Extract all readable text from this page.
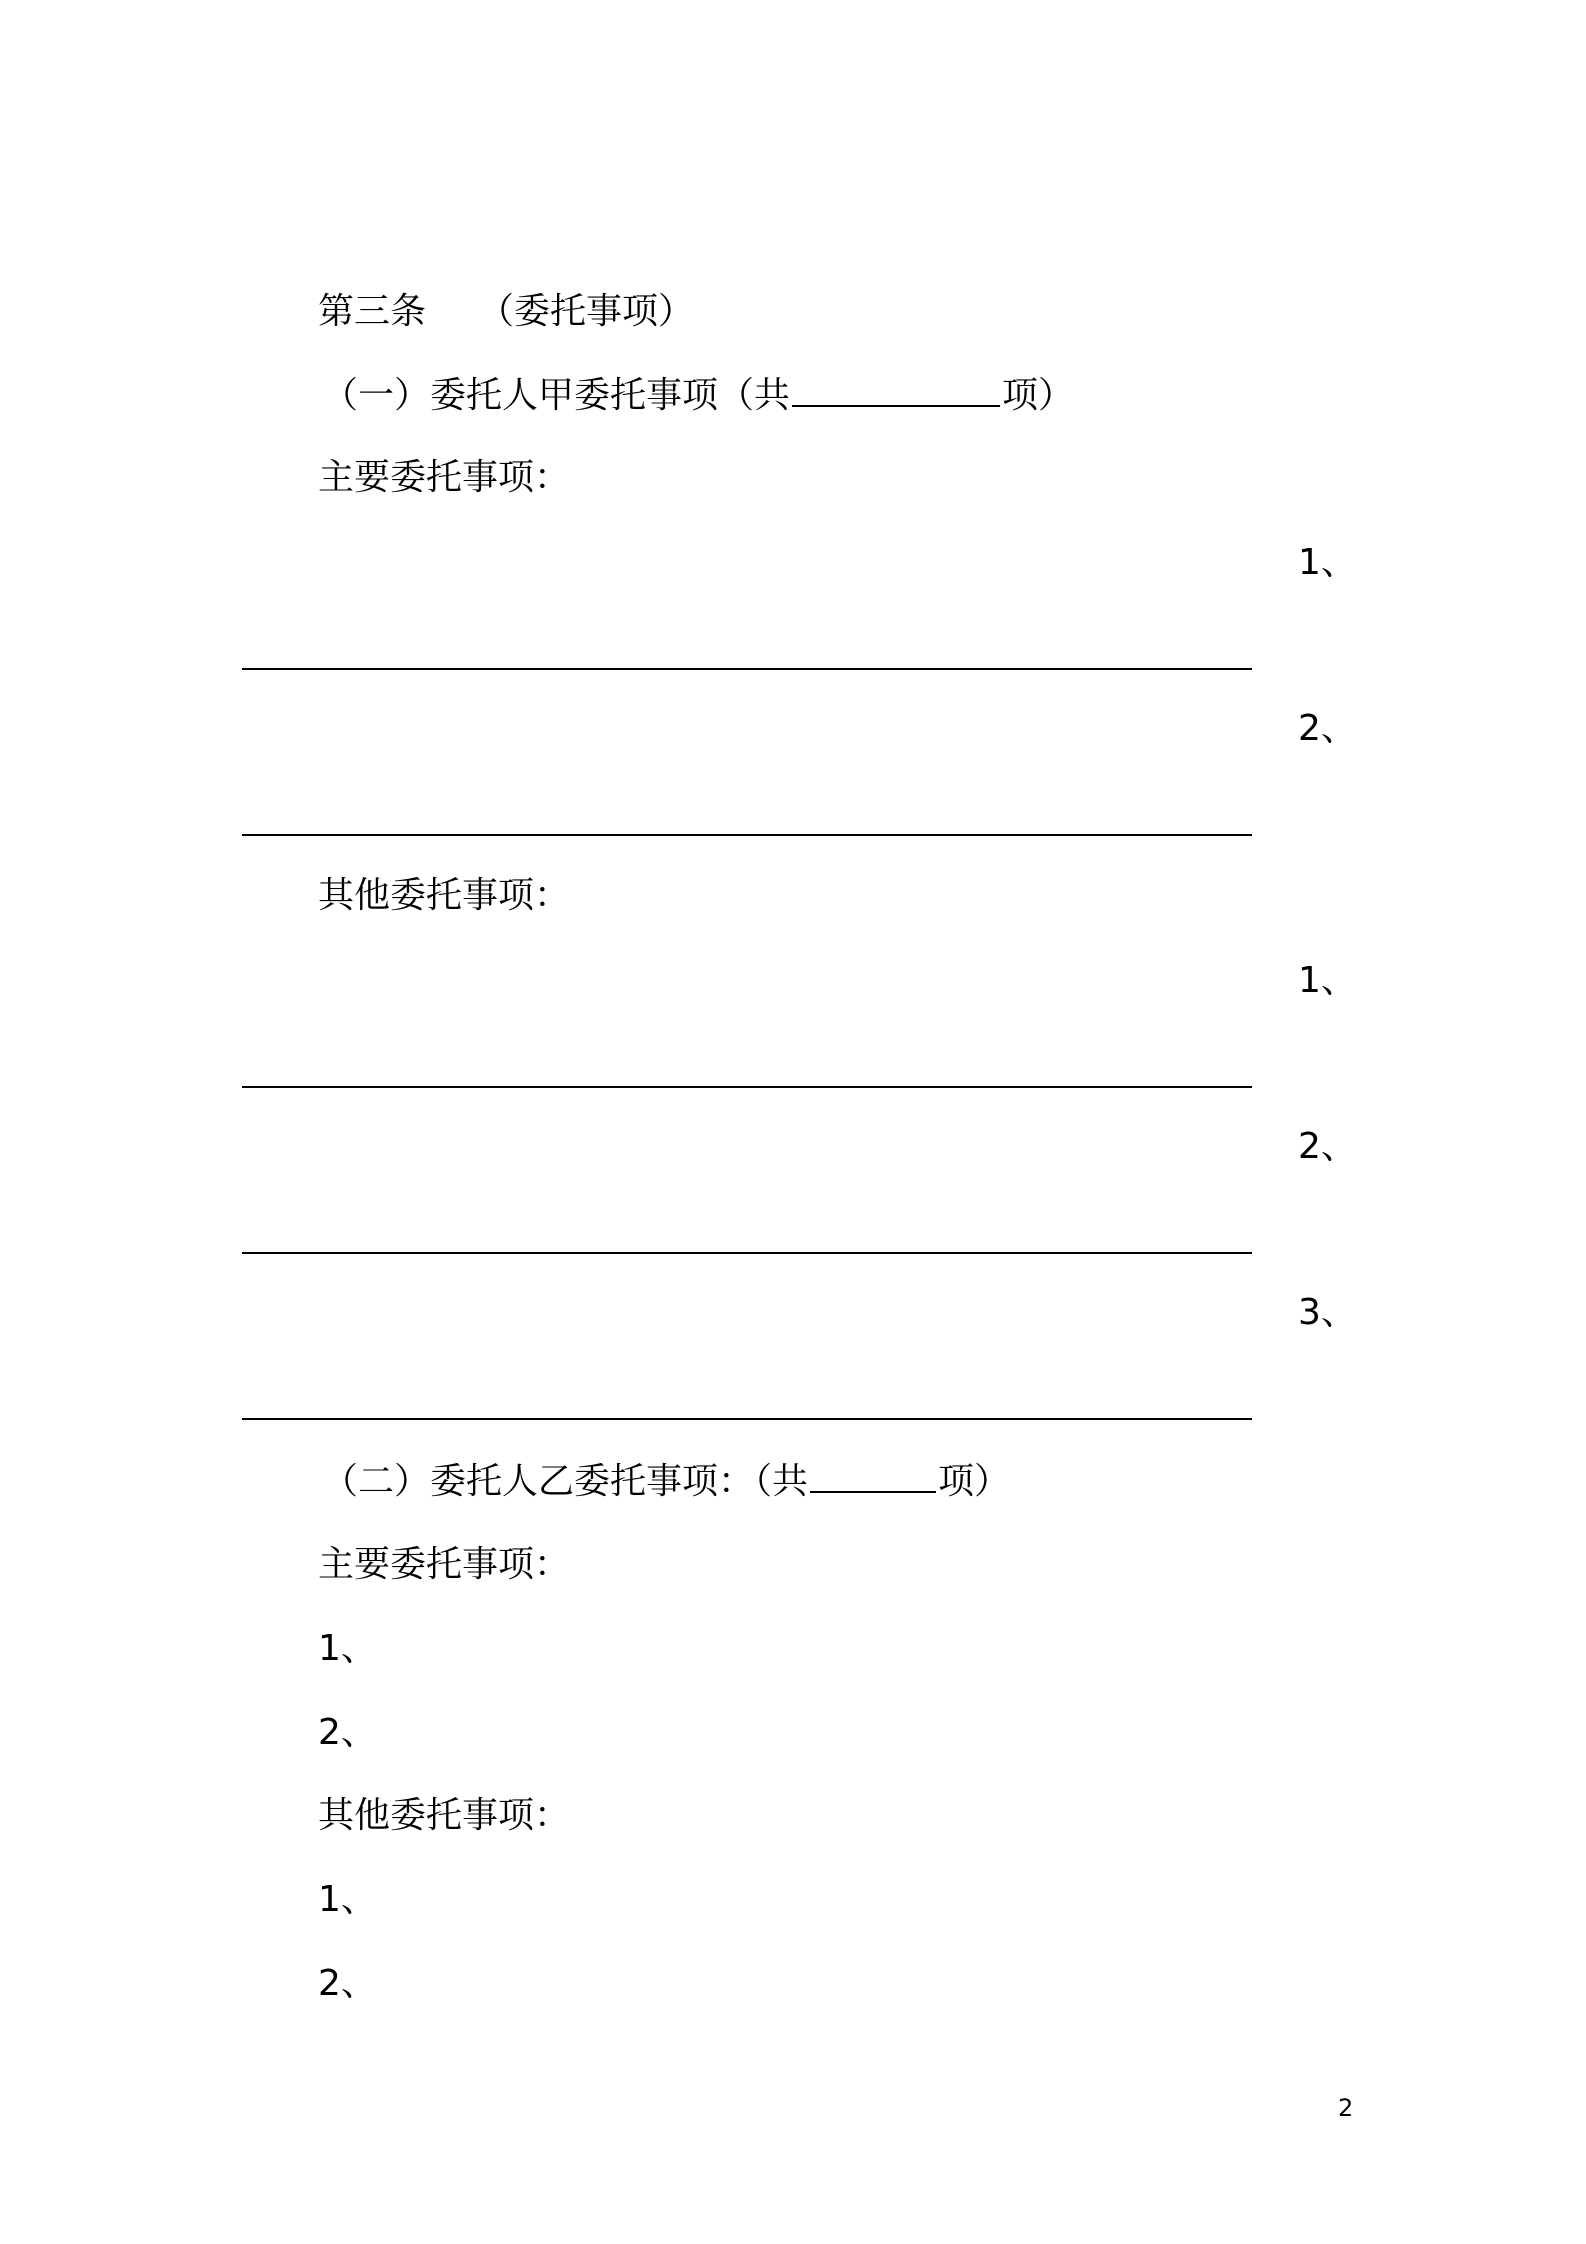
第三条 （委托事项）
（一）委托人甲委托事项（共	项）
主要委托事项：
1、
2、
其他委托事项：
1、
2、
3、
（二）委托人乙委托事项：（共	项）
主要委托事项：
1、
2、
其他委托事项：
1、
2、
2
